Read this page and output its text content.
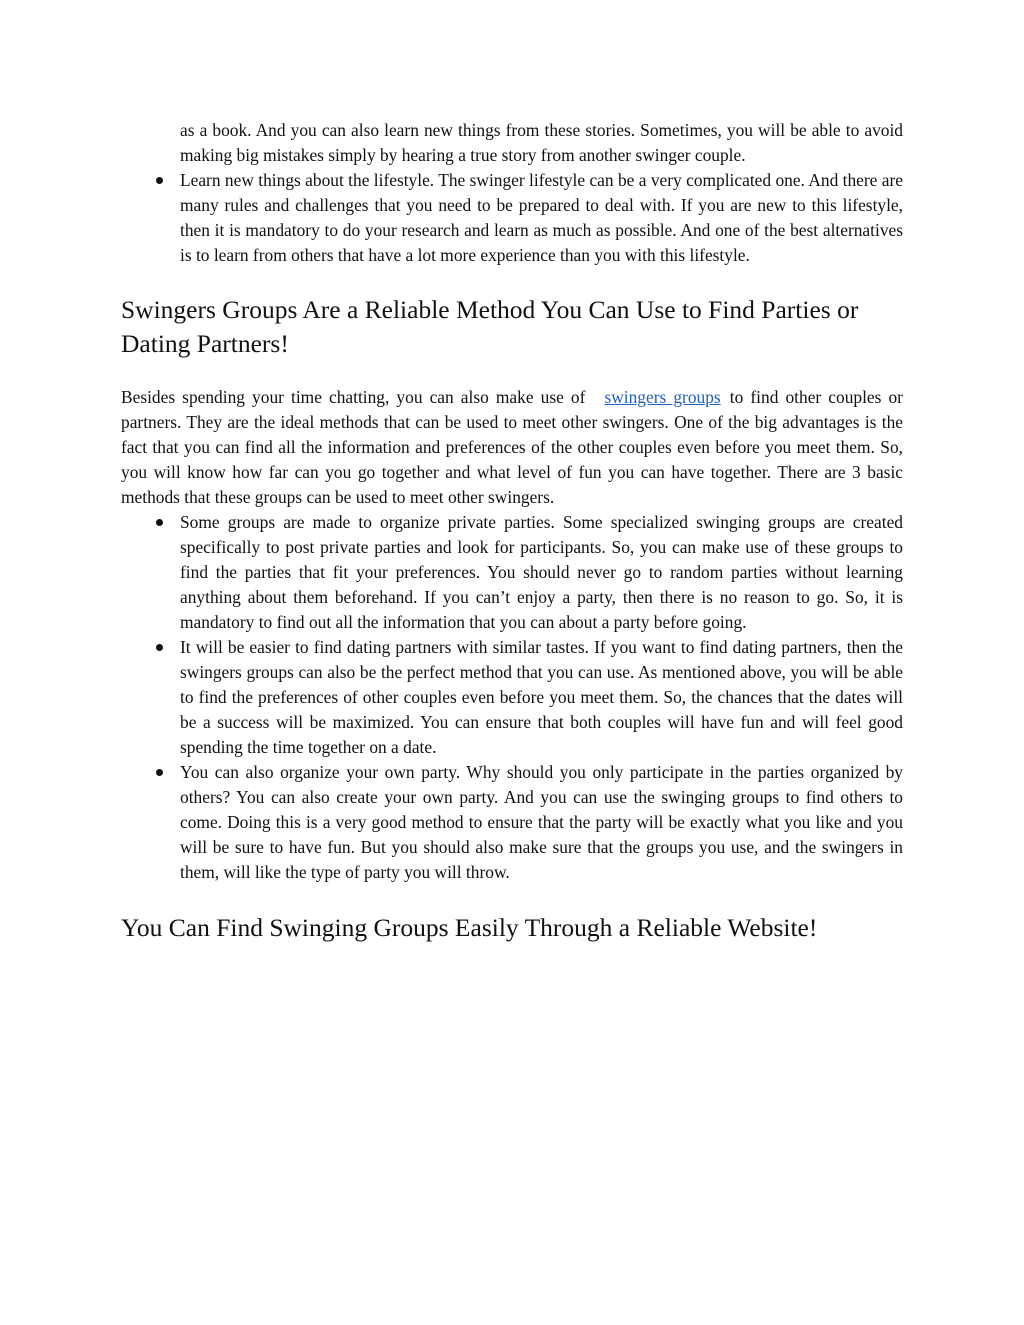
as a book. And you can also learn new things from these stories. Sometimes, you will be able to avoid making big mistakes simply by hearing a true story from another swinger couple.
Learn new things about the lifestyle. The swinger lifestyle can be a very complicated one. And there are many rules and challenges that you need to be prepared to deal with. If you are new to this lifestyle, then it is mandatory to do your research and learn as much as possible. And one of the best alternatives is to learn from others that have a lot more experience than you with this lifestyle.
Swingers Groups Are a Reliable Method You Can Use to Find Parties or Dating Partners!

Besides spending your time chatting, you can also make use of swingers groups to find other couples or partners. They are the ideal methods that can be used to meet other swingers. One of the big advantages is the fact that you can find all the information and preferences of the other couples even before you meet them. So, you will know how far can you go together and what level of fun you can have together. There are 3 basic methods that these groups can be used to meet other swingers.

Some groups are made to organize private parties. Some specialized swinging groups are created specifically to post private parties and look for participants. So, you can make use of these groups to find the parties that fit your preferences. You should never go to random parties without learning anything about them beforehand. If you can’t enjoy a party, then there is no reason to go. So, it is mandatory to find out all the information that you can about a party before going.
It will be easier to find dating partners with similar tastes. If you want to find dating partners, then the swingers groups can also be the perfect method that you can use. As mentioned above, you will be able to find the preferences of other couples even before you meet them. So, the chances that the dates will be a success will be maximized. You can ensure that both couples will have fun and will feel good spending the time together on a date.
You can also organize your own party. Why should you only participate in the parties organized by others? You can also create your own party. And you can use the swinging groups to find others to come. Doing this is a very good method to ensure that the party will be exactly what you like and you will be sure to have fun. But you should also make sure that the groups you use, and the swingers in them, will like the type of party you will throw.
You Can Find Swinging Groups Easily Through a Reliable Website!
